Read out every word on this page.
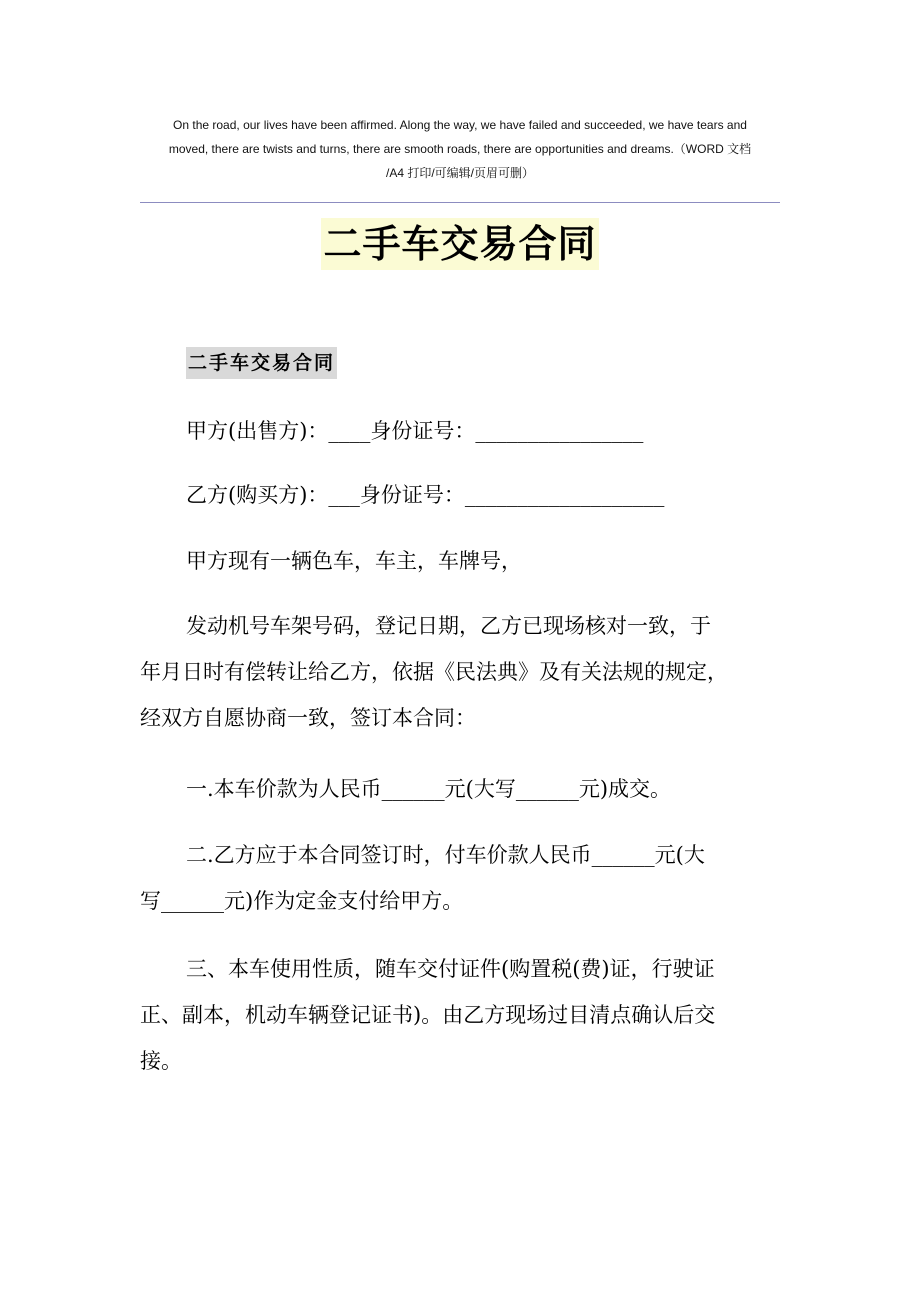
On the road, our lives have been affirmed. Along the way, we have failed and succeeded, we have tears and
moved, there are twists and turns, there are smooth roads, there are opportunities and dreams.（WORD 文档
/A4 打印/可编辑/页眉可删）
二手车交易合同
二手车交易合同
甲方(出售方)：____身份证号：________________
乙方(购买方)：___身份证号：___________________
甲方现有一辆色车，车主，车牌号，
发动机号车架号码，登记日期，乙方已现场核对一致，于
年月日时有偿转让给乙方，依据《民法典》及有关法规的规定，
经双方自愿协商一致，签订本合同：
一.本车价款为人民币______元(大写______元)成交。
二.乙方应于本合同签订时，付车价款人民币______元(大
写______元)作为定金支付给甲方。
三、本车使用性质，随车交付证件(购置税(费)证，行驶证
正、副本，机动车辆登记证书)。由乙方现场过目清点确认后交
接。
